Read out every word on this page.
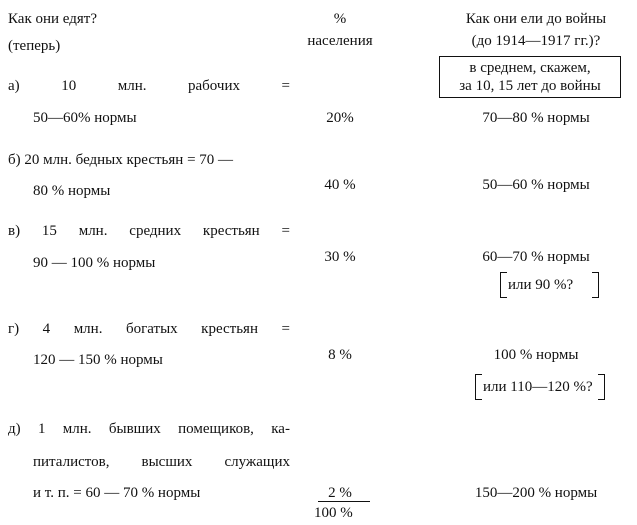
Как они едят?
(теперь)
%
населения
Как они ели до войны
(до 1914—1917 гг.)?
в среднем, скажем,
за 10, 15 лет до войны
а)	10	млн.	рабочих	=
50—60% нормы	20%	70—80 % нормы
б) 20 млн. бедных крестьян = 70 —
80 % нормы	40 %	50—60 % нормы
в) 15 млн. средних крестьян =
90 — 100 % нормы	30 %	60—70 % нормы
или 90 %?
г) 4 млн. богатых крестьян =
120 — 150 % нормы	8 %	100 % нормы
или 110—120 %?
д) 1 млн. бывших помещиков, ка-
питалистов, высших служащих
и т. п. = 60 — 70 % нормы	2 %	150—200 % нормы
100 %
